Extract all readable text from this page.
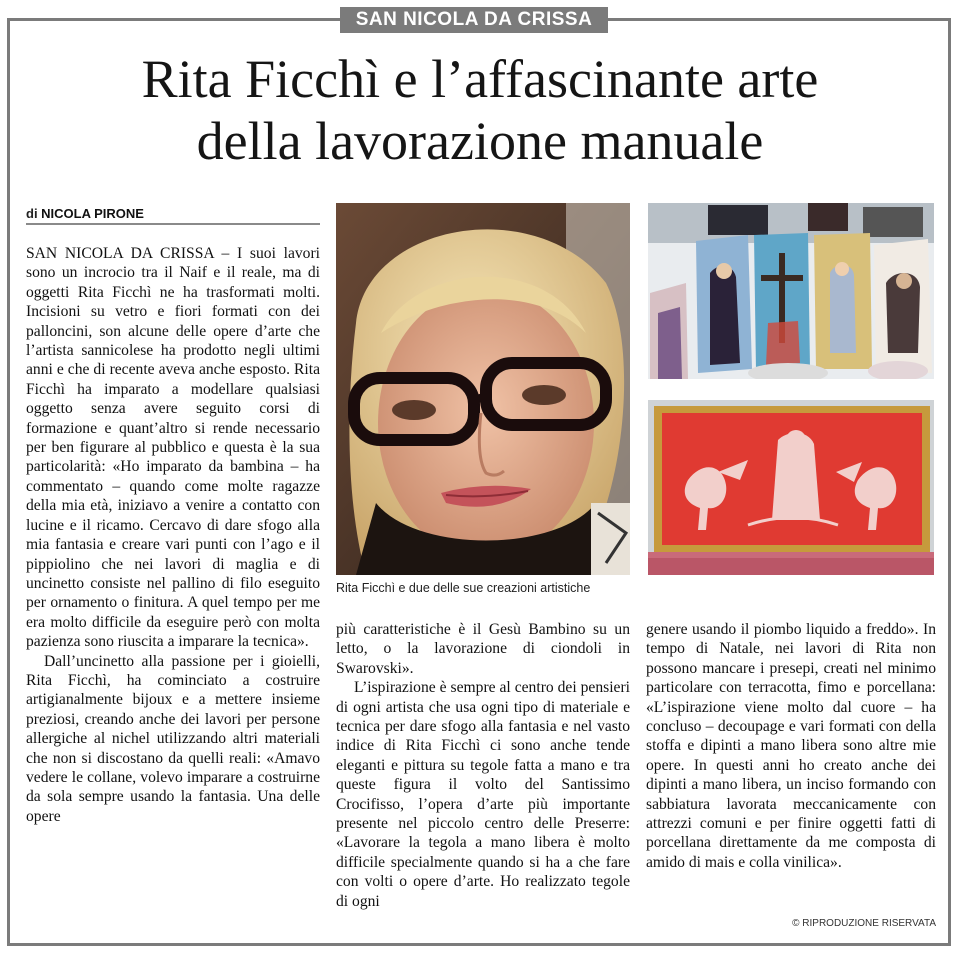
SAN NICOLA DA CRISSA
Rita Ficchì e l’affascinante arte
della lavorazione manuale
di NICOLA PIRONE

SAN NICOLA DA CRISSA – I suoi lavori sono un incrocio tra il Naif e il reale, ma di oggetti Rita Ficchì ne ha trasformati molti. Incisioni su vetro e fiori formati con dei palloncini, son alcune delle opere d’arte che l’artista sannicolese ha prodotto negli ultimi anni e che di recente aveva anche esposto. Rita Ficchì ha imparato a modellare qualsiasi oggetto senza avere seguito corsi di formazione e quant’altro si rende necessario per ben figurare al pubblico e questa è la sua particolarità: «Ho imparato da bambina – ha commentato – quando come molte ragazze della mia età, iniziavo a venire a contatto con lucine e il ricamo. Cercavo di dare sfogo alla mia fantasia e creare vari punti con l’ago e il pippiolino che nei lavori di maglia e di uncinetto consiste nel pallino di filo eseguito per ornamento o finitura. A quel tempo per me era molto difficile da eseguire però con molta pazienza sono riuscita a imparare la tecnica».

Dall’uncinetto alla passione per i gioielli, Rita Ficchì, ha cominciato a costruire artigianalmente bijoux e a mettere insieme preziosi, creando anche dei lavori per persone allergiche al nichel utilizzando altri materiali che non si discostano da quelli reali: «Amavo vedere le collane, volevo imparare a costruirne da sola sempre usando la fantasia. Una delle opere

Rita Ficchì e due delle sue creazioni artistiche

più caratteristiche è il Gesù Bambino su un letto, o la lavorazione di ciondoli in Swarovski».

L’ispirazione è sempre al centro dei pensieri di ogni artista che usa ogni tipo di materiale e tecnica per dare sfogo alla fantasia e nel vasto indice di Rita Ficchì ci sono anche tende eleganti e pittura su tegole fatta a mano e tra queste figura il volto del Santissimo Crocifisso, l’opera d’arte più importante presente nel piccolo centro delle Preserre: «Lavorare la tegola a mano libera è molto difficile specialmente quando si ha a che fare con volti o opere d’arte. Ho realizzato tegole di ogni

genere usando il piombo liquido a freddo». In tempo di Natale, nei lavori di Rita non possono mancare i presepi, creati nel minimo particolare con terracotta, fimo e porcellana: «L’ispirazione viene molto dal cuore – ha concluso – decoupage e vari formati con della stoffa e dipinti a mano libera sono altre mie opere. In questi anni ho creato anche dei dipinti a mano libera, un inciso formando con sabbiatura lavorata meccanicamente con attrezzi comuni e per finire oggetti fatti di porcellana direttamente da me composta di amido di mais e colla vinilica».

© RIPRODUZIONE RISERVATA
